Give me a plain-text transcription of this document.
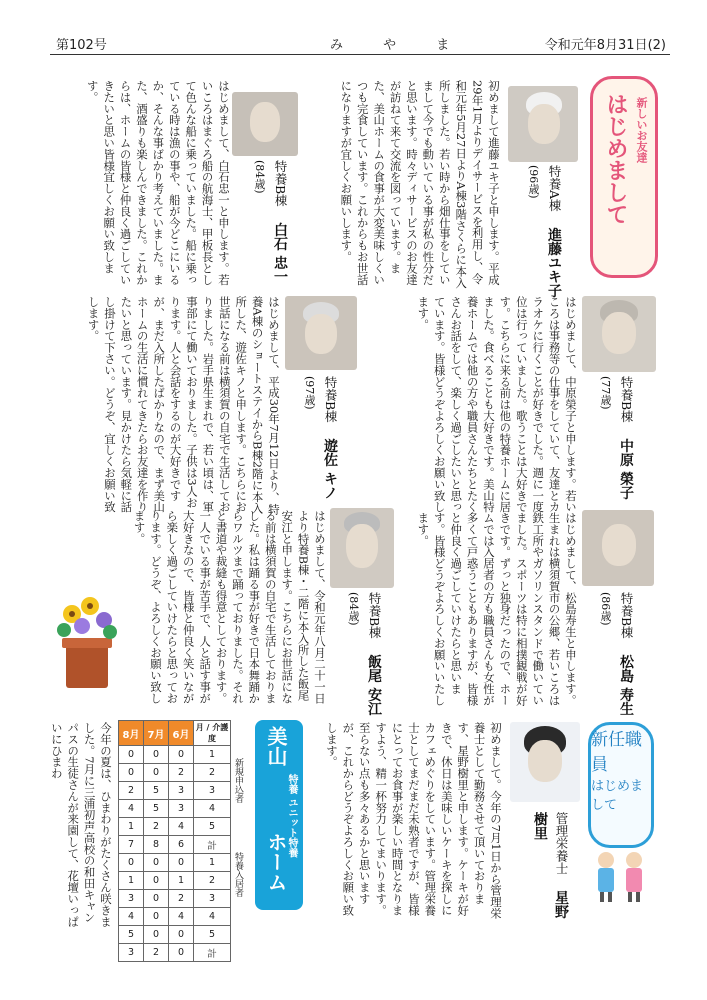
第102号	み や ま	令和元年8月31日(2)
新しいお友達
はじめまして
特養A棟　進藤ユキ子(96歳)
初めまして進藤ユキ子と申します。平成29年1月よりデイサービスを利用し、令和元年5月27日よりA棟3階さくらに本入所しました。若い時から畑仕事をしていまして今でも動いている事が私の性分だと思います。時々ディサービスのお友達が訪ねて来て交流を図っています。また、美山ホームの食事が大変美味しくいつも完食しています。これからもお世話になりますが宜しくお願いします。
特養B棟　白石 忠一(84歳)
はじめまして、白石忠一と申します。若いころはまぐろ船の航海士、甲板長として色んな船に乗っていました。船に乗っている時は漁の事や、船が今どこにいるか、そんな事ばかり考えていました。また、酒盛りも楽しんできました。これからは、ホームの皆様と仲良く過ごしていきたいと思い皆様宜しくお願い致します。
特養B棟　中原 榮子(77歳)
はじめまして、中原榮子と申します。若いころは事務等の仕事をしていて、友達とカラオケに行くことが好きでした。週に一度位は行っていました。歌うことは大好きです。こちらに来る前は他の特養ホームに居ました。食べることも大好きです。美山特養ホームでは他の方や職員さんたちとたくさんお話をして、楽しく過ごしたいと思っています。皆様どうぞよろしくお願い致します。
特養B棟　遊佐 キノ(97歳)
はじめまして、平成30年7月12日より、特養A棟のショートステイからB棟2階に本入所した、遊佐キノと申します。こちらにお世話になる前は横須賀の自宅で生活しておりました。岩手県生まれで、若い頃は、軍事部にて働いておりました。子供は3人おります。人と会話をするのが大好きですが、まだ入所したばかりなので、まず美山ホームの生活に慣れてきたらお友達を作りたいと思っています。見かけたら気軽に話し掛けて下さい。どうぞ、宜しくお願い致します。
特養B棟　松島 寿生(86歳)
はじめまして、松島寿生と申します。生まれは横須賀市の公郷、若いころは鉄工所やガソリンスタンドで働いていました。スポーツは特に相撲観戦が好きです。ずっと独身だったので、ホームでは入居者の方も職員さんも女性が多くて戸惑うこともありますが、皆様と仲良く過ごしていけたらと思います。皆様どうぞよろしくお願いいたします。
特養B棟　飯尾 安江(84歳)
はじめまして、令和元年八月二十一日より特養B棟・二階に本入所した飯尾安江と申します。こちらにお世話になる前は横須賀の自宅で生活しておりました。私は踊る事が好きで日本舞踊からワルツまで踊っておりました。それと書道や裁縫も得意としております。一人でいる事が苦手で、人と話す事が大好きなので、皆様と仲良く笑いながら楽しく過ごしていけたらと思っております。どうぞ、よろしくお願い致します。
新任職員
はじめまして
管理栄養士　星野 樹里
初めまして。今年の7月1日から管理栄養士として勤務させて頂いております、星野樹里と申します。ケーキが好きで、休日は美味しいケーキを探しにカフェめぐりをしています。管理栄養士としてまだまだ未熟者ですが、皆様にとってお食事が楽しい時間となりますよう、精一杯努力してまいります。至らない点も多々あるかと思いますが、これからどうぞよろしくお願い致します。
美山
特養 ユニット特養
ホーム
8月	7月	6月	月 / 介護度
0	0	0	1
0	0	2	2
2	5	3	3
4	5	3	4
1	2	4	5
7	8	6	計
0	0	0	1
1	0	1	2
3	0	2	3
4	0	4	4
5	0	0	5
3	2	0	計
新規申込者
特養入居者
今年の夏は、ひまわりがたくさん咲きました。7月に三浦初声高校の和田キャンパスの生徒さんが来園して、花壇いっぱいにひまわ
